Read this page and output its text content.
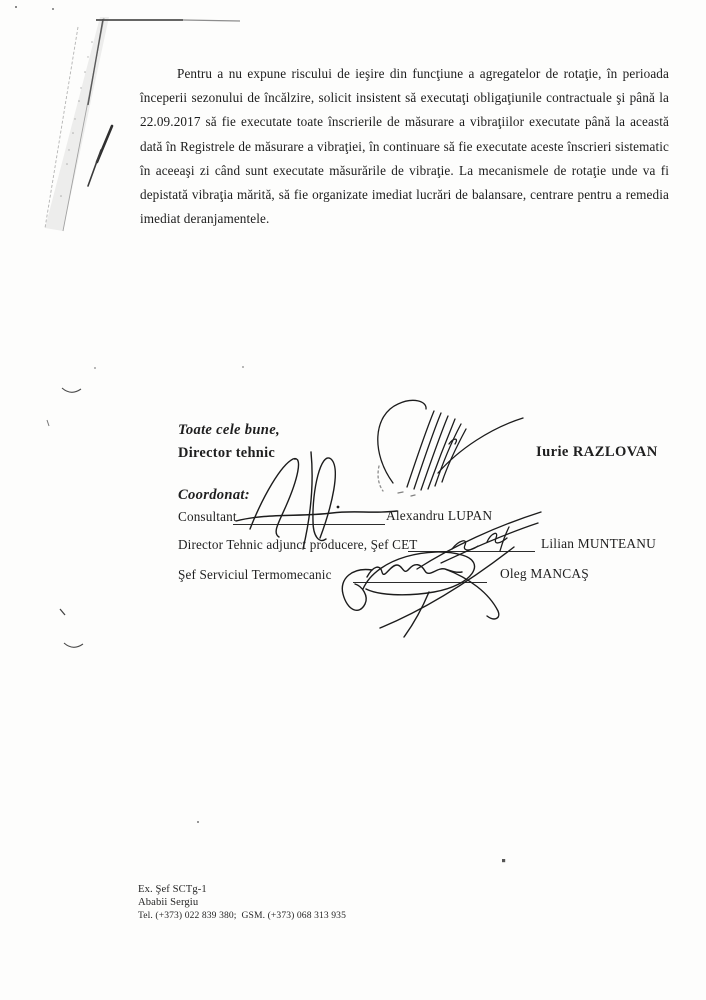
Pentru a nu expune riscului de ieşire din funcţiune a agregatelor de rotaţie, în perioada începerii sezonului de încălzire, solicit insistent să executaţi obligaţiunile contractuale şi până la 22.09.2017 să fie executate toate înscrierile de măsurare a vibraţiilor executate până la această dată în Registrele de măsurare a vibraţiei, în continuare să fie executate aceste înscrieri sistematic în aceeaşi zi când sunt executate măsurările de vibraţie. La mecanismele de rotaţie unde va fi depistată vibraţia mărită, să fie organizate imediat lucrări de balansare, centrare pentru a remedia imediat deranjamentele.
Toate cele bune,
Director tehnic	Iurie RAZLOVAN
Coordonat:
Consultant	Alexandru LUPAN
Director Tehnic adjunct producere, Şef CET	Lilian MUNTEANU
Şef Serviciul Termomecanic	Oleg MANCAŞ
Ex. Şef SCTg-1
Ababii Sergiu
Tel. (+373) 022 839 380;  GSM. (+373) 068 313 935
